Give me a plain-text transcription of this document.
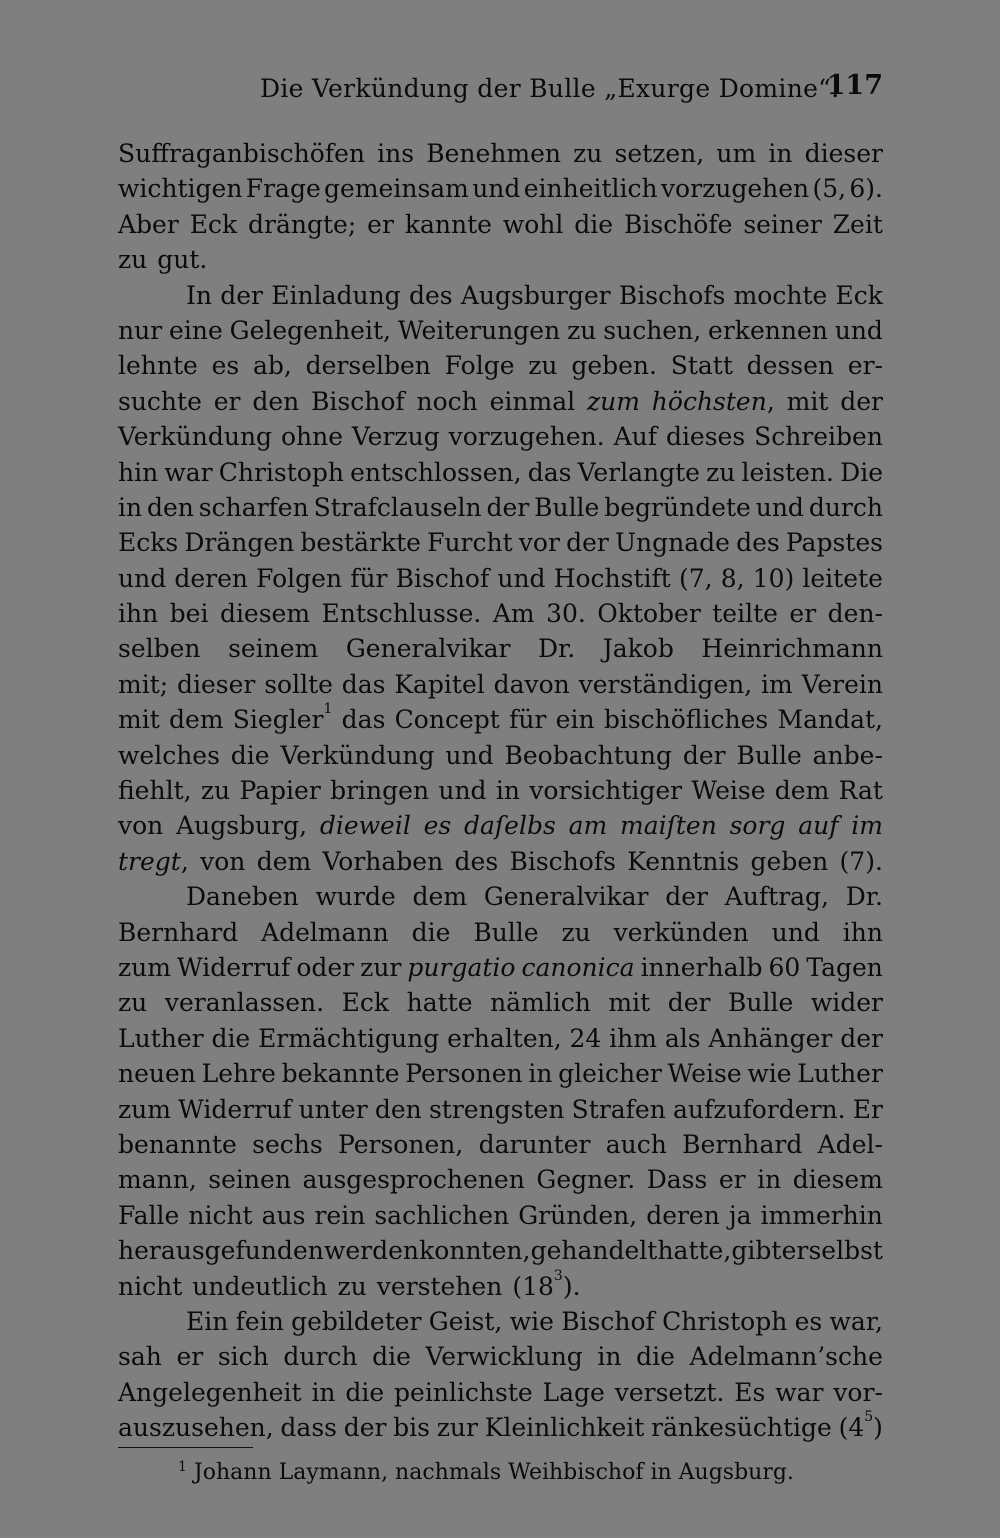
Die Verkündung der Bulle „Exurge Domine“.
117
Suffraganbischöfen ins Benehmen zu setzen, um in dieser
wichtigen Frage gemeinsam und einheitlich vorzugehen (5, 6).
Aber Eck drängte; er kannte wohl die Bischöfe seiner Zeit
zu gut.
In der Einladung des Augsburger Bischofs mochte Eck
nur eine Gelegenheit, Weiterungen zu suchen, erkennen und
lehnte es ab, derselben Folge zu geben. Statt dessen er-
suchte er den Bischof noch einmal zum höchsten, mit der
Verkündung ohne Verzug vorzugehen. Auf dieses Schreiben
hin war Christoph entschlossen, das Verlangte zu leisten. Die
in den scharfen Strafclauseln der Bulle begründete und durch
Ecks Drängen bestärkte Furcht vor der Ungnade des Papstes
und deren Folgen für Bischof und Hochstift (7, 8, 10) leitete
ihn bei diesem Entschlusse. Am 30. Oktober teilte er den-
selben seinem Generalvikar Dr. Jakob Heinrichmann
mit; dieser sollte das Kapitel davon verständigen, im Verein
mit dem Siegler$^1$ das Concept für ein bischöfliches Mandat,
welches die Verkündung und Beobachtung der Bulle anbe-
fiehlt, zu Papier bringen und in vorsichtiger Weise dem Rat
von Augsburg, dieweil es daſelbs am maiſten sorg auf im
tregt, von dem Vorhaben des Bischofs Kenntnis geben (7).
Daneben wurde dem Generalvikar der Auftrag, Dr.
Bernhard Adelmann die Bulle zu verkünden und ihn
zum Widerruf oder zur purgatio canonica innerhalb 60 Tagen
zu veranlassen. Eck hatte nämlich mit der Bulle wider
Luther die Ermächtigung erhalten, 24 ihm als Anhänger der
neuen Lehre bekannte Personen in gleicher Weise wie Luther
zum Widerruf unter den strengsten Strafen aufzufordern. Er
benannte sechs Personen, darunter auch Bernhard Adel-
mann, seinen ausgesprochenen Gegner. Dass er in diesem
Falle nicht aus rein sachlichen Gründen, deren ja immerhin
herausgefunden werden konnten, gehandelt hatte, gibt er selbst
nicht undeutlich zu verstehen $(18^3)$.
Ein fein gebildeter Geist, wie Bischof Christoph es war,
sah er sich durch die Verwicklung in die Adelmann’sche
Angelegenheit in die peinlichste Lage versetzt. Es war vor-
auszusehen, dass der bis zur Kleinlichkeit ränkesüchtige $(4^5)$
$^1$ Johann Laymann, nachmals Weihbischof in Augsburg.
